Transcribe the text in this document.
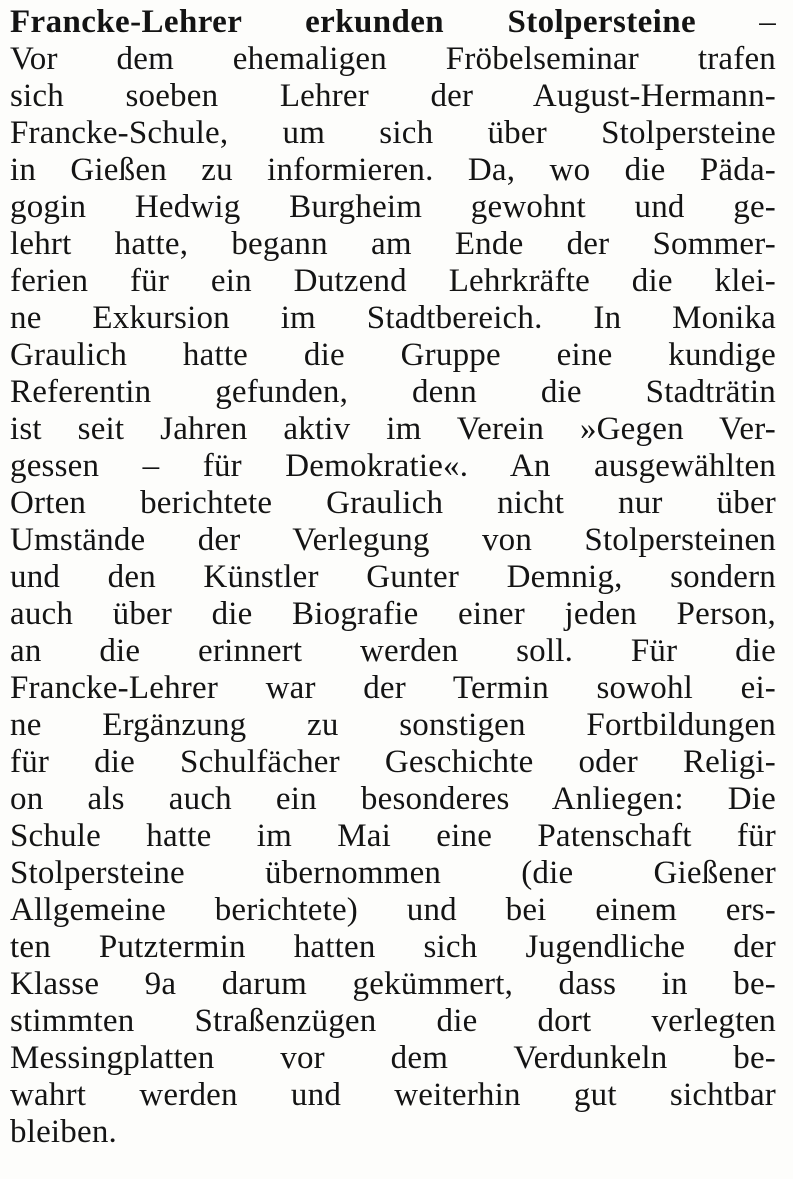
Francke-Lehrer erkunden Stolpersteine –
Vor dem ehemaligen Fröbelseminar trafen
sich soeben Lehrer der August-Hermann-
Francke-Schule, um sich über Stolpersteine
in Gießen zu informieren. Da, wo die Päda-
gogin Hedwig Burgheim gewohnt und ge-
lehrt hatte, begann am Ende der Sommer-
ferien für ein Dutzend Lehrkräfte die klei-
ne Exkursion im Stadtbereich. In Monika
Graulich hatte die Gruppe eine kundige
Referentin gefunden, denn die Stadträtin
ist seit Jahren aktiv im Verein »Gegen Ver-
gessen – für Demokratie«. An ausgewählten
Orten berichtete Graulich nicht nur über
Umstände der Verlegung von Stolpersteinen
und den Künstler Gunter Demnig, sondern
auch über die Biografie einer jeden Person,
an die erinnert werden soll. Für die
Francke-Lehrer war der Termin sowohl ei-
ne Ergänzung zu sonstigen Fortbildungen
für die Schulfächer Geschichte oder Religi-
on als auch ein besonderes Anliegen: Die
Schule hatte im Mai eine Patenschaft für
Stolpersteine übernommen (die Gießener
Allgemeine berichtete) und bei einem ers-
ten Putztermin hatten sich Jugendliche der
Klasse 9a darum gekümmert, dass in be-
stimmten Straßenzügen die dort verlegten
Messingplatten vor dem Verdunkeln be-
wahrt werden und weiterhin gut sichtbar
bleiben.
